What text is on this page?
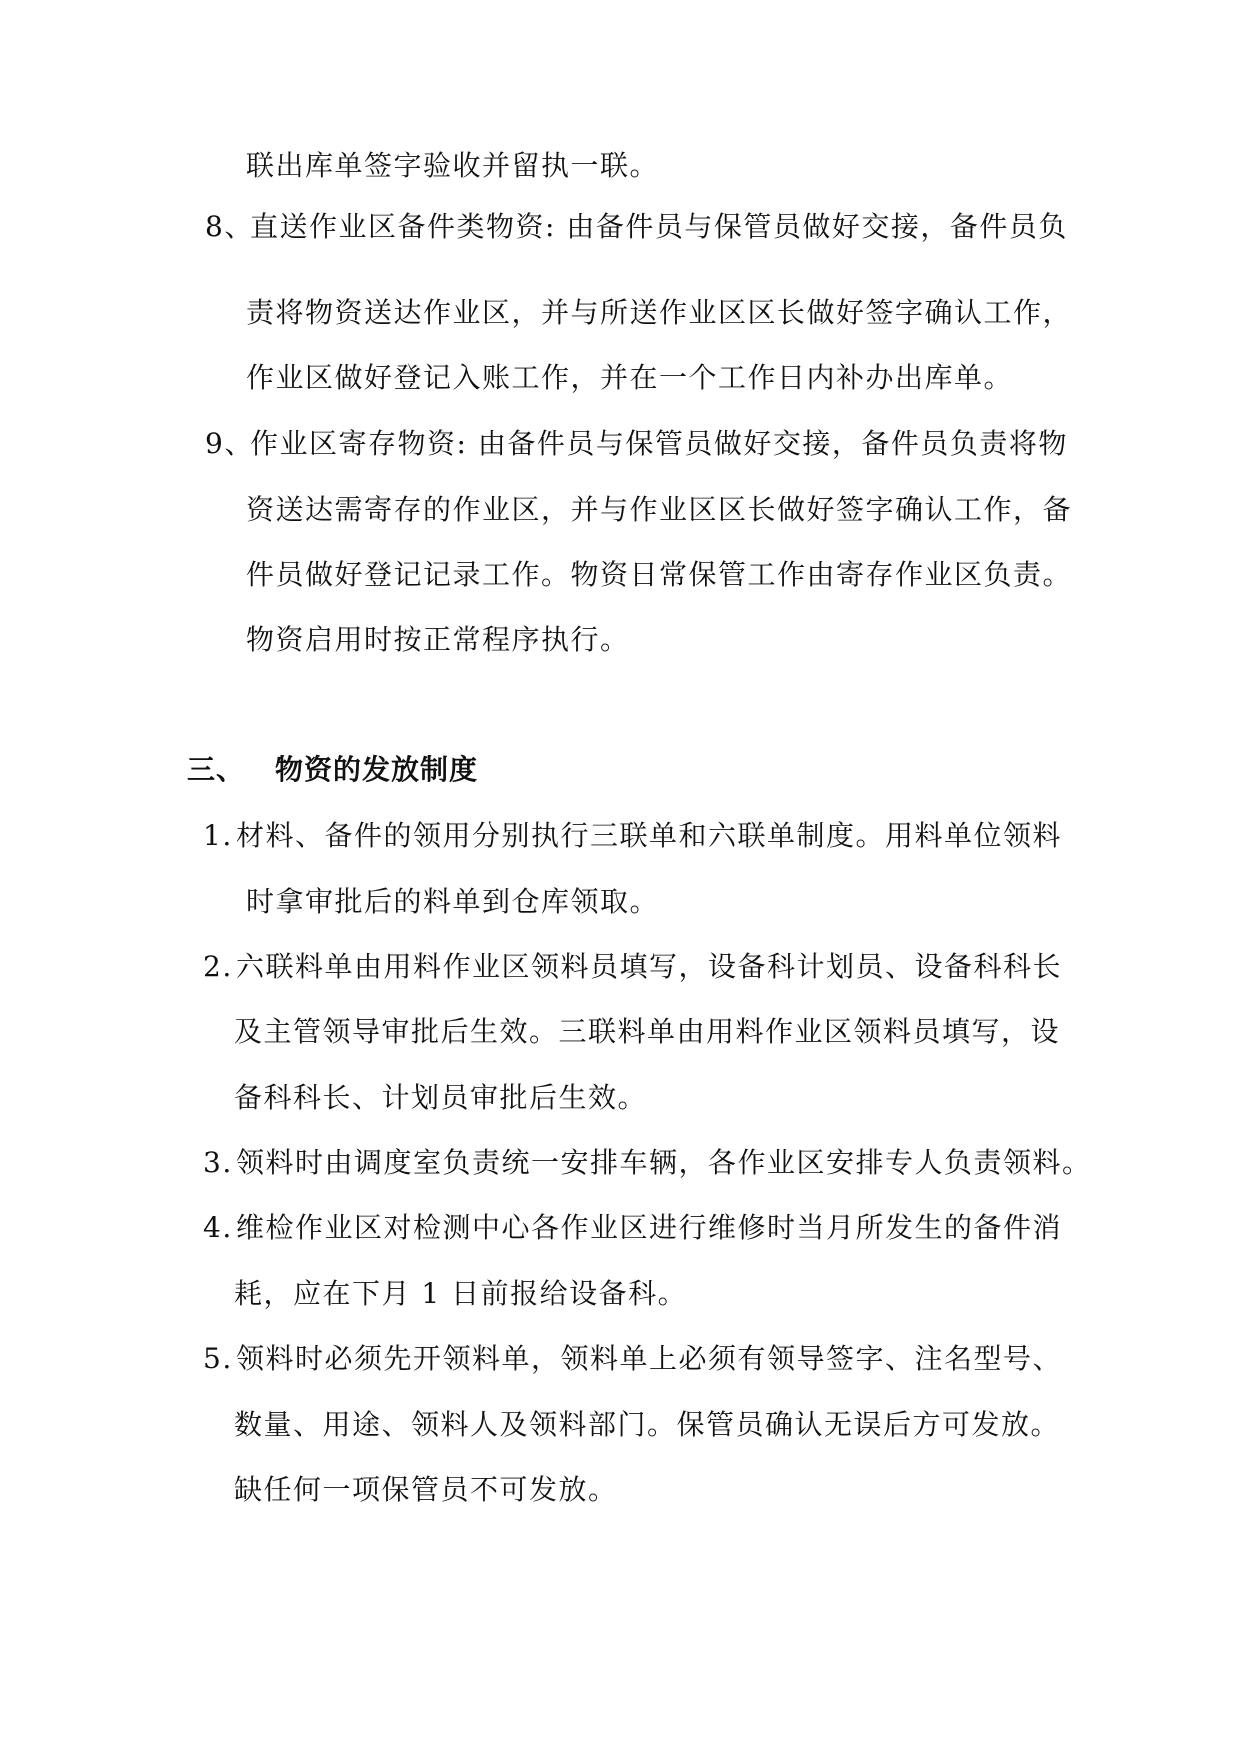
联出库单签字验收并留执一联。
8、
直送作业区备件类物资: 由备件员与保管员做好交接，备件员负
责将物资送达作业区，并与所送作业区区长做好签字确认工作，
作业区做好登记入账工作，并在一个工作日内补办出库单。
9、
作业区寄存物资: 由备件员与保管员做好交接，备件员负责将物
资送达需寄存的作业区，并与作业区区长做好签字确认工作，备
件员做好登记记录工作。物资日常保管工作由寄存作业区负责。
物资启用时按正常程序执行。
三、 物资的发放制度
1. 材料、备件的领用分别执行三联单和六联单制度。用料单位领料
时拿审批后的料单到仓库领取。
2. 六联料单由用料作业区领料员填写，设备科计划员、设备科科长
及主管领导审批后生效。三联料单由用料作业区领料员填写，设
备科科长、计划员审批后生效。
3. 领料时由调度室负责统一安排车辆，各作业区安排专人负责领料。
4. 维检作业区对检测中心各作业区进行维修时当月所发生的备件消
耗，应在下月 1 日前报给设备科。
5. 领料时必须先开领料单，领料单上必须有领导签字、注名型号、
数量、用途、领料人及领料部门。保管员确认无误后方可发放。
缺任何一项保管员不可发放。
